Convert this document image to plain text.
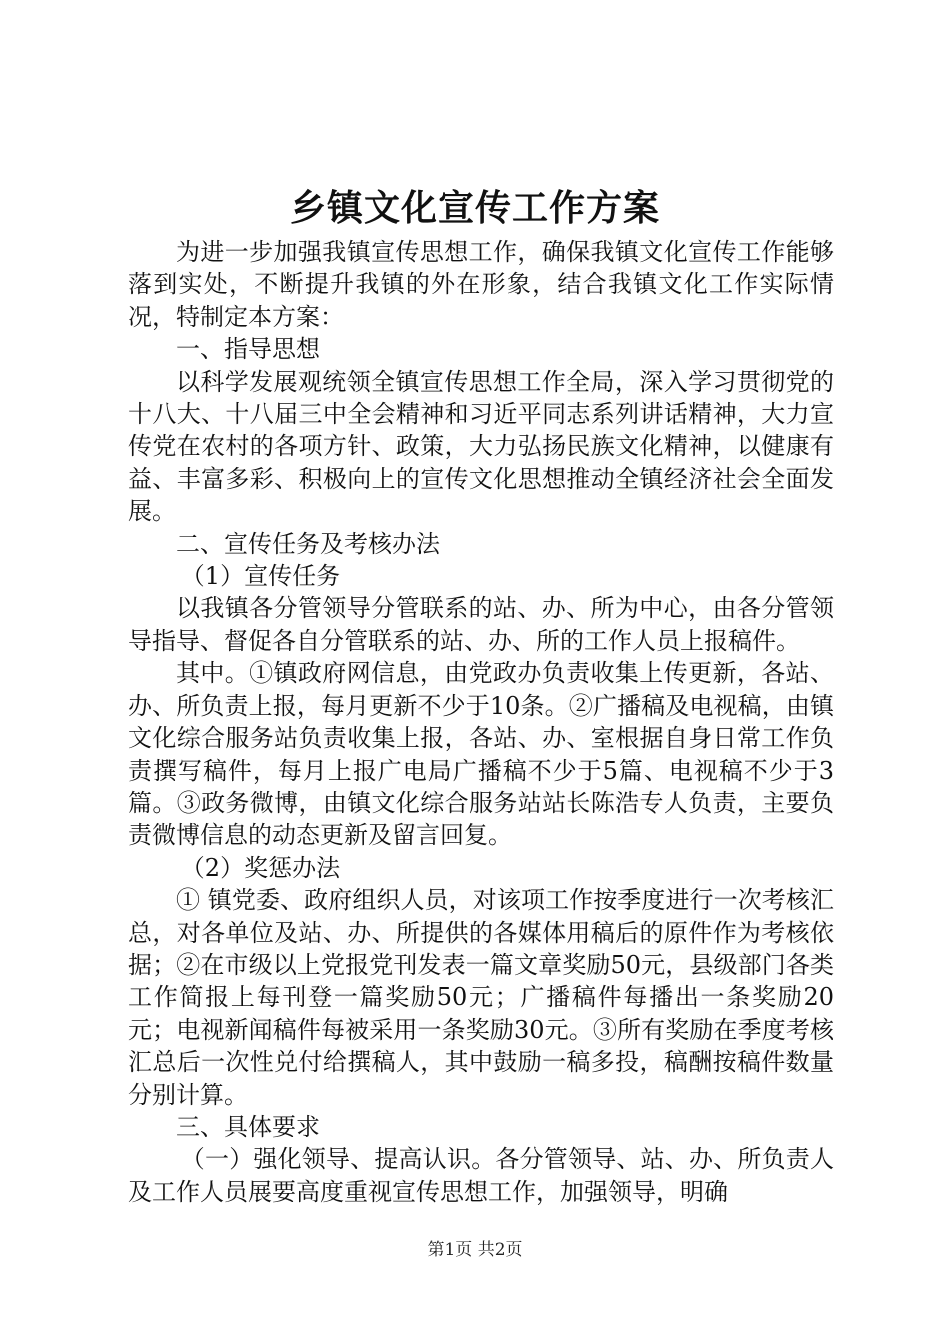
乡镇文化宣传工作方案

为进一步加强我镇宣传思想工作，确保我镇文化宣传工作能够落到实处，不断提升我镇的外在形象，结合我镇文化工作实际情况，特制定本方案：

一、指导思想

以科学发展观统领全镇宣传思想工作全局，深入学习贯彻党的十八大、十八届三中全会精神和习近平同志系列讲话精神，大力宣传党在农村的各项方针、政策，大力弘扬民族文化精神，以健康有益、丰富多彩、积极向上的宣传文化思想推动全镇经济社会全面发展。

二、宣传任务及考核办法

（1）宣传任务

以我镇各分管领导分管联系的站、办、所为中心，由各分管领导指导、督促各自分管联系的站、办、所的工作人员上报稿件。

其中。①镇政府网信息，由党政办负责收集上传更新，各站、办、所负责上报，每月更新不少于10条。②广播稿及电视稿，由镇文化综合服务站负责收集上报，各站、办、室根据自身日常工作负责撰写稿件，每月上报广电局广播稿不少于5篇、电视稿不少于3篇。③政务微博，由镇文化综合服务站站长陈浩专人负责，主要负责微博信息的动态更新及留言回复。

（2）奖惩办法

① 镇党委、政府组织人员，对该项工作按季度进行一次考核汇总，对各单位及站、办、所提供的各媒体用稿后的原件作为考核依据；②在市级以上党报党刊发表一篇文章奖励50元，县级部门各类工作简报上每刊登一篇奖励50元；广播稿件每播出一条奖励20元；电视新闻稿件每被采用一条奖励30元。③所有奖励在季度考核汇总后一次性兑付给撰稿人，其中鼓励一稿多投，稿酬按稿件数量分别计算。

三、具体要求

（一）强化领导、提高认识。各分管领导、站、办、所负责人及工作人员展要高度重视宣传思想工作，加强领导，明确

第1页 共2页
